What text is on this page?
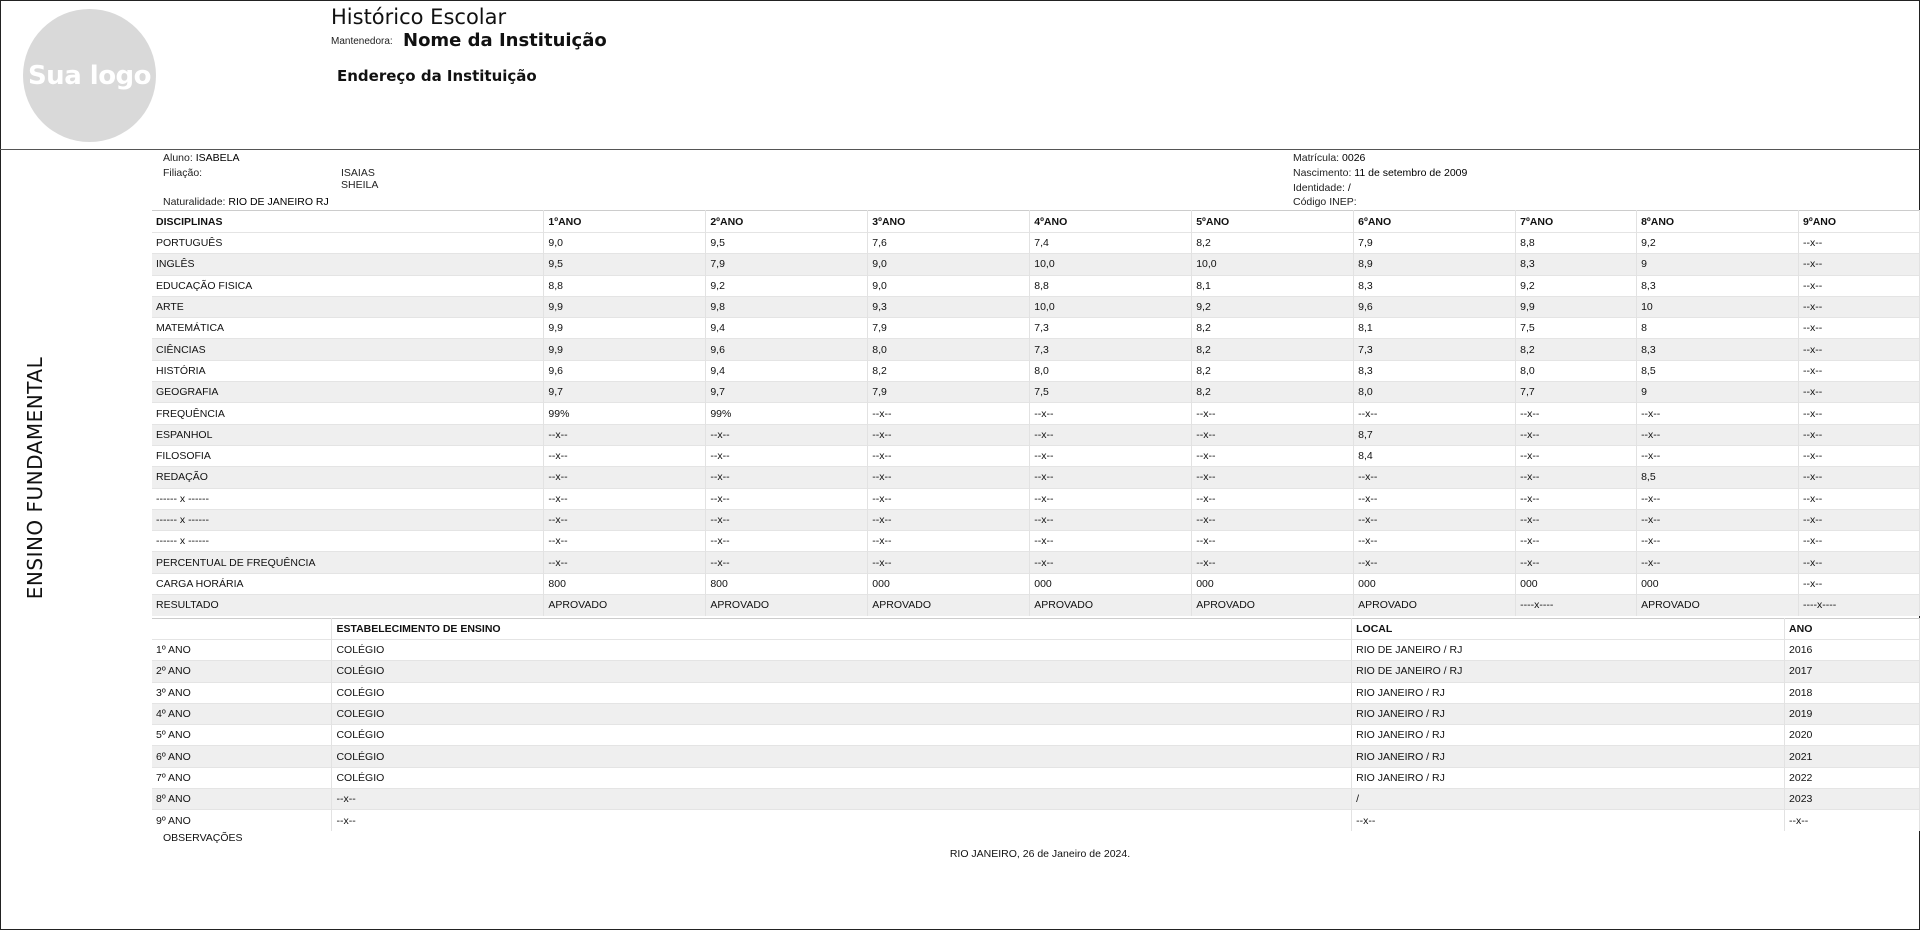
Sua logo
Histórico Escolar
Mantenedora: Nome da Instituição
Endereço da Instituição
ENSINO FUNDAMENTAL
Aluno: ISABELA
Filiação:	ISAIAS
SHEILA
Naturalidade: RIO DE JANEIRO RJ
Matrícula: 0026
Nascimento: 11 de setembro de 2009
Identidade: /
Código INEP:
DISCIPLINAS	1ºANO	2ºANO	3ºANO	4ºANO	5ºANO	6ºANO	7ºANO	8ºANO	9ºANO
PORTUGUÊS	9,0	9,5	7,6	7,4	8,2	7,9	8,8	9,2	--x--
INGLÊS	9,5	7,9	9,0	10,0	10,0	8,9	8,3	9	--x--
EDUCAÇÃO FISICA	8,8	9,2	9,0	8,8	8,1	8,3	9,2	8,3	--x--
ARTE	9,9	9,8	9,3	10,0	9,2	9,6	9,9	10	--x--
MATEMÁTICA	9,9	9,4	7,9	7,3	8,2	8,1	7,5	8	--x--
CIÊNCIAS	9,9	9,6	8,0	7,3	8,2	7,3	8,2	8,3	--x--
HISTÓRIA	9,6	9,4	8,2	8,0	8,2	8,3	8,0	8,5	--x--
GEOGRAFIA	9,7	9,7	7,9	7,5	8,2	8,0	7,7	9	--x--
FREQUÊNCIA	99%	99%	--x--	--x--	--x--	--x--	--x--	--x--	--x--
ESPANHOL	--x--	--x--	--x--	--x--	--x--	8,7	--x--	--x--	--x--
FILOSOFIA	--x--	--x--	--x--	--x--	--x--	8,4	--x--	--x--	--x--
REDAÇÃO	--x--	--x--	--x--	--x--	--x--	--x--	--x--	8,5	--x--
------ x ------	--x--	--x--	--x--	--x--	--x--	--x--	--x--	--x--	--x--
------ x ------	--x--	--x--	--x--	--x--	--x--	--x--	--x--	--x--	--x--
------ x ------	--x--	--x--	--x--	--x--	--x--	--x--	--x--	--x--	--x--
PERCENTUAL DE FREQUÊNCIA	--x--	--x--	--x--	--x--	--x--	--x--	--x--	--x--	--x--
CARGA HORÁRIA	800	800	000	000	000	000	000	000	--x--
RESULTADO	APROVADO	APROVADO	APROVADO	APROVADO	APROVADO	APROVADO	----x----	APROVADO	----x----
	ESTABELECIMENTO DE ENSINO	LOCAL	ANO
1º ANO	COLÉGIO	RIO DE JANEIRO / RJ	2016
2º ANO	COLÉGIO	RIO DE JANEIRO / RJ	2017
3º ANO	COLÉGIO	RIO JANEIRO / RJ	2018
4º ANO	COLEGIO	RIO JANEIRO / RJ	2019
5º ANO	COLÉGIO	RIO JANEIRO / RJ	2020
6º ANO	COLÉGIO	RIO JANEIRO / RJ	2021
7º ANO	COLÉGIO	RIO JANEIRO / RJ	2022
8º ANO	--x--	/	2023
9º ANO	--x--	--x--	--x--
OBSERVAÇÕES
RIO JANEIRO, 26 de Janeiro de 2024.
